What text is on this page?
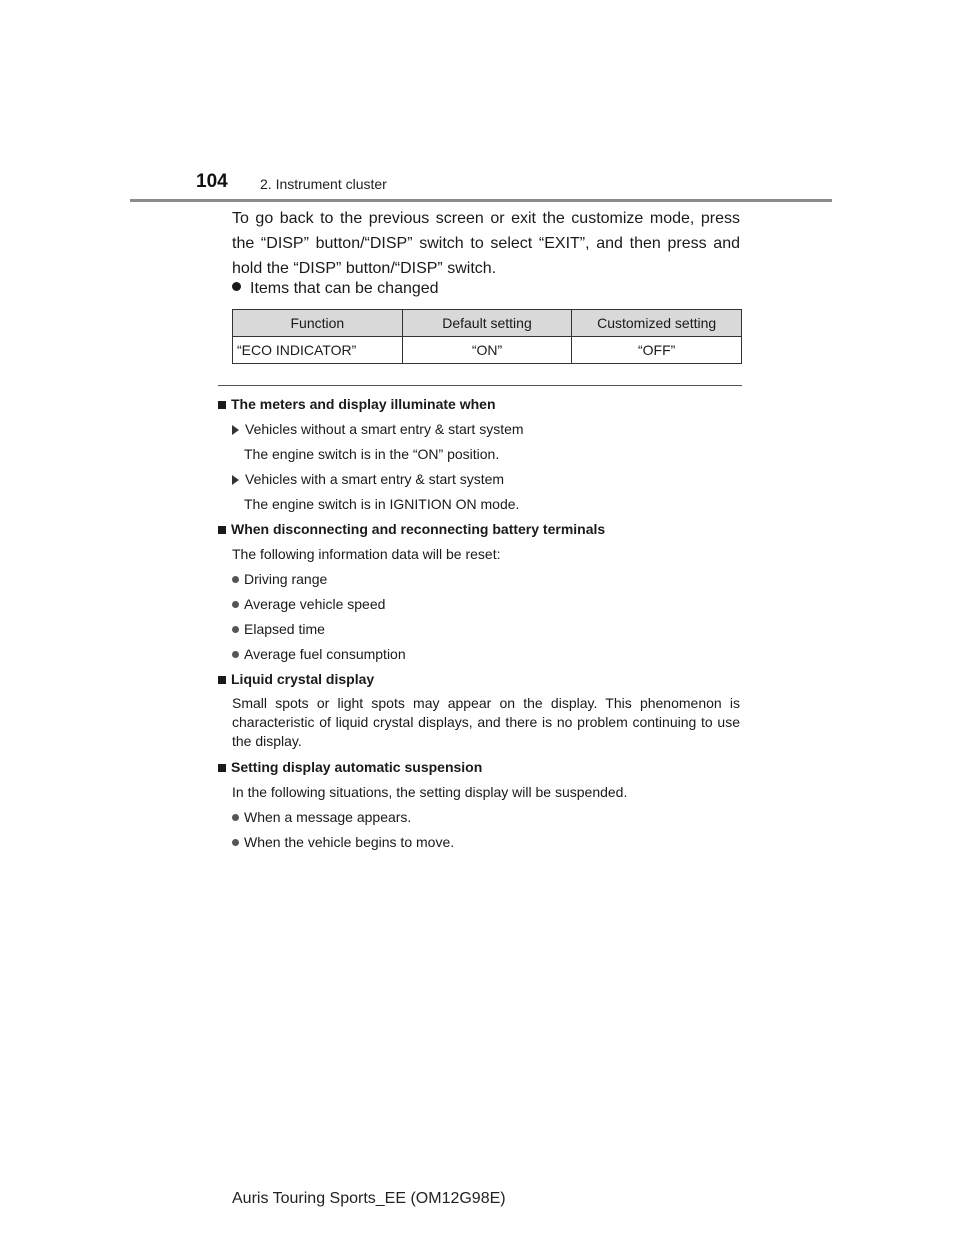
104 2. Instrument cluster
To go back to the previous screen or exit the customize mode, press the “DISP” button/“DISP” switch to select “EXIT”, and then press and hold the “DISP” button/“DISP” switch.
Items that can be changed
Function	Default setting	Customized setting
“ECO INDICATOR”	“ON”	“OFF”
The meters and display illuminate when
Vehicles without a smart entry & start system
The engine switch is in the “ON” position.
Vehicles with a smart entry & start system
The engine switch is in IGNITION ON mode.
When disconnecting and reconnecting battery terminals
The following information data will be reset:
Driving range
Average vehicle speed
Elapsed time
Average fuel consumption
Liquid crystal display
Small spots or light spots may appear on the display. This phenomenon is characteristic of liquid crystal displays, and there is no problem continuing to use the display.
Setting display automatic suspension
In the following situations, the setting display will be suspended.
When a message appears.
When the vehicle begins to move.
Auris Touring Sports_EE (OM12G98E)
